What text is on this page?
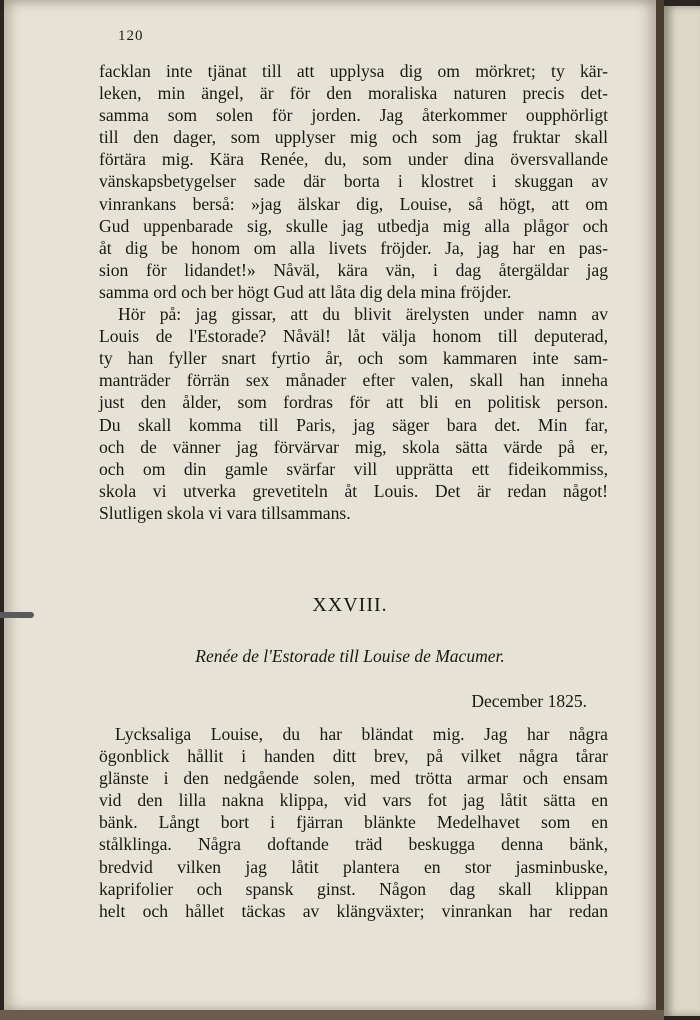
120
facklan inte tjänat till att upplysa dig om mörkret; ty kär-
leken, min ängel, är för den moraliska naturen precis det-
samma som solen för jorden. Jag återkommer oupphörligt
till den dager, som upplyser mig och som jag fruktar skall
förtära mig. Kära Renée, du, som under dina översvallande
vänskapsbetygelser sade där borta i klostret i skuggan av
vinrankans berså: »jag älskar dig, Louise, så högt, att om
Gud uppenbarade sig, skulle jag utbedja mig alla plågor och
åt dig be honom om alla livets fröjder. Ja, jag har en pas-
sion för lidandet!» Nåväl, kära vän, i dag återgäldar jag
samma ord och ber högt Gud att låta dig dela mina fröjder.
Hör på: jag gissar, att du blivit ärelysten under namn av
Louis de l'Estorade? Nåväl! låt välja honom till deputerad,
ty han fyller snart fyrtio år, och som kammaren inte sam-
manträder förrän sex månader efter valen, skall han inneha
just den ålder, som fordras för att bli en politisk person.
Du skall komma till Paris, jag säger bara det. Min far,
och de vänner jag förvärvar mig, skola sätta värde på er,
och om din gamle svärfar vill upprätta ett fideikommiss,
skola vi utverka grevetiteln åt Louis. Det är redan något!
Slutligen skola vi vara tillsammans.
XXVIII.
Renée de l'Estorade till Louise de Macumer.
December 1825.
Lycksaliga Louise, du har bländat mig. Jag har några
ögonblick hållit i handen ditt brev, på vilket några tårar
glänste i den nedgående solen, med trötta armar och ensam
vid den lilla nakna klippa, vid vars fot jag låtit sätta en
bänk. Långt bort i fjärran blänkte Medelhavet som en
stålklinga. Några doftande träd beskugga denna bänk,
bredvid vilken jag låtit plantera en stor jasminbuske,
kaprifolier och spansk ginst. Någon dag skall klippan
helt och hållet täckas av klängväxter; vinrankan har redan
